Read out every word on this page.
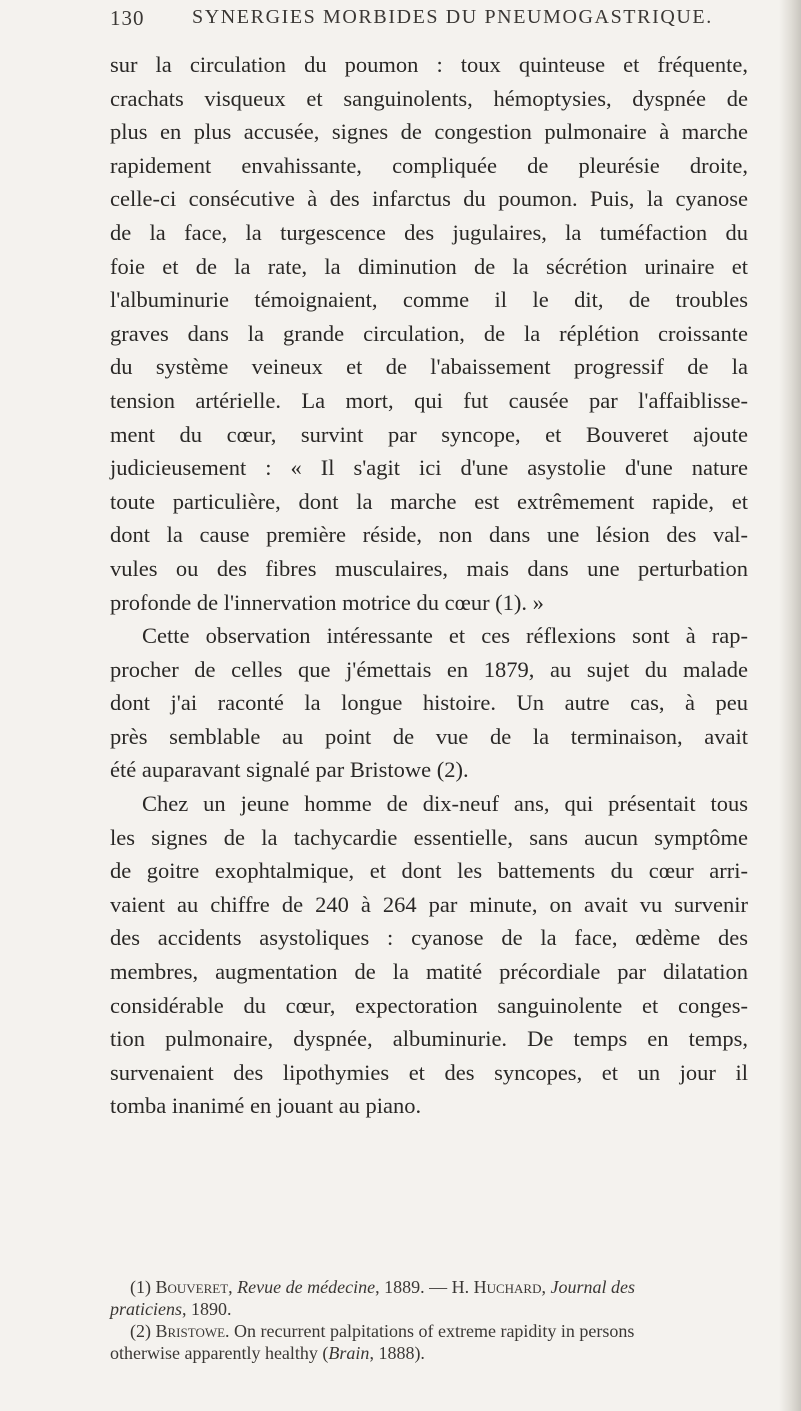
130 SYNERGIES MORBIDES DU PNEUMOGASTRIQUE.
sur la circulation du poumon : toux quinteuse et fréquente,
crachats visqueux et sanguinolents, hémoptysies, dyspnée de
plus en plus accusée, signes de congestion pulmonaire à marche
rapidement envahissante, compliquée de pleurésie droite,
celle-ci consécutive à des infarctus du poumon. Puis, la cyanose
de la face, la turgescence des jugulaires, la tuméfaction du
foie et de la rate, la diminution de la sécrétion urinaire et
l'albuminurie témoignaient, comme il le dit, de troubles
graves dans la grande circulation, de la réplétion croissante
du système veineux et de l'abaissement progressif de la
tension artérielle. La mort, qui fut causée par l'affaiblisse-
ment du cœur, survint par syncope, et Bouveret ajoute
judicieusement : « Il s'agit ici d'une asystolie d'une nature
toute particulière, dont la marche est extrêmement rapide, et
dont la cause première réside, non dans une lésion des val-
vules ou des fibres musculaires, mais dans une perturbation
profonde de l'innervation motrice du cœur (1). »
Cette observation intéressante et ces réflexions sont à rap-
procher de celles que j'émettais en 1879, au sujet du malade
dont j'ai raconté la longue histoire. Un autre cas, à peu
près semblable au point de vue de la terminaison, avait
été auparavant signalé par Bristowe (2).
Chez un jeune homme de dix-neuf ans, qui présentait tous
les signes de la tachycardie essentielle, sans aucun symptôme
de goitre exophtalmique, et dont les battements du cœur arri-
vaient au chiffre de 240 à 264 par minute, on avait vu survenir
des accidents asystoliques : cyanose de la face, œdème des
membres, augmentation de la matité précordiale par dilatation
considérable du cœur, expectoration sanguinolente et conges-
tion pulmonaire, dyspnée, albuminurie. De temps en temps,
survenaient des lipothymies et des syncopes, et un jour il
tomba inanimé en jouant au piano.
(1) Bouveret, Revue de médecine, 1889. — H. Huchard, Journal des
praticiens, 1890.
(2) Bristowe. On recurrent palpitations of extreme rapidity in persons
otherwise apparently healthy (Brain, 1888).
